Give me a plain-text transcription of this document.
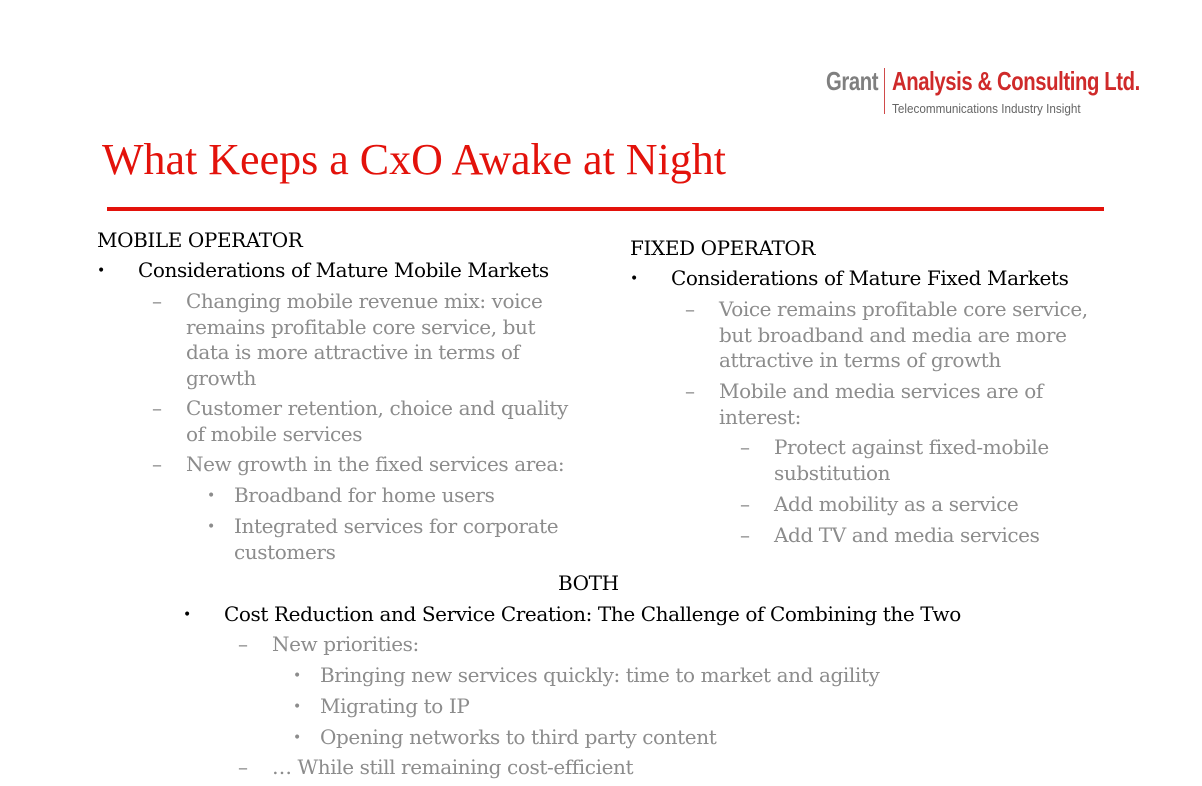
Grant Analysis & Consulting Ltd.
Telecommunications Industry Insight
What Keeps a CxO Awake at Night
MOBILE OPERATOR
• Considerations of Mature Mobile Markets
– Changing mobile revenue mix: voice
remains profitable core service, but
data is more attractive in terms of
growth
– Customer retention, choice and quality
of mobile services
– New growth in the fixed services area:
• Broadband for home users
• Integrated services for corporate
customers
FIXED OPERATOR
• Considerations of Mature Fixed Markets
– Voice remains profitable core service,
but broadband and media are more
attractive in terms of growth
– Mobile and media services are of
interest:
– Protect against fixed-mobile
substitution
– Add mobility as a service
– Add TV and media services
BOTH
• Cost Reduction and Service Creation: The Challenge of Combining the Two
– New priorities:
• Bringing new services quickly: time to market and agility
• Migrating to IP
• Opening networks to third party content
– … While still remaining cost-efficient
